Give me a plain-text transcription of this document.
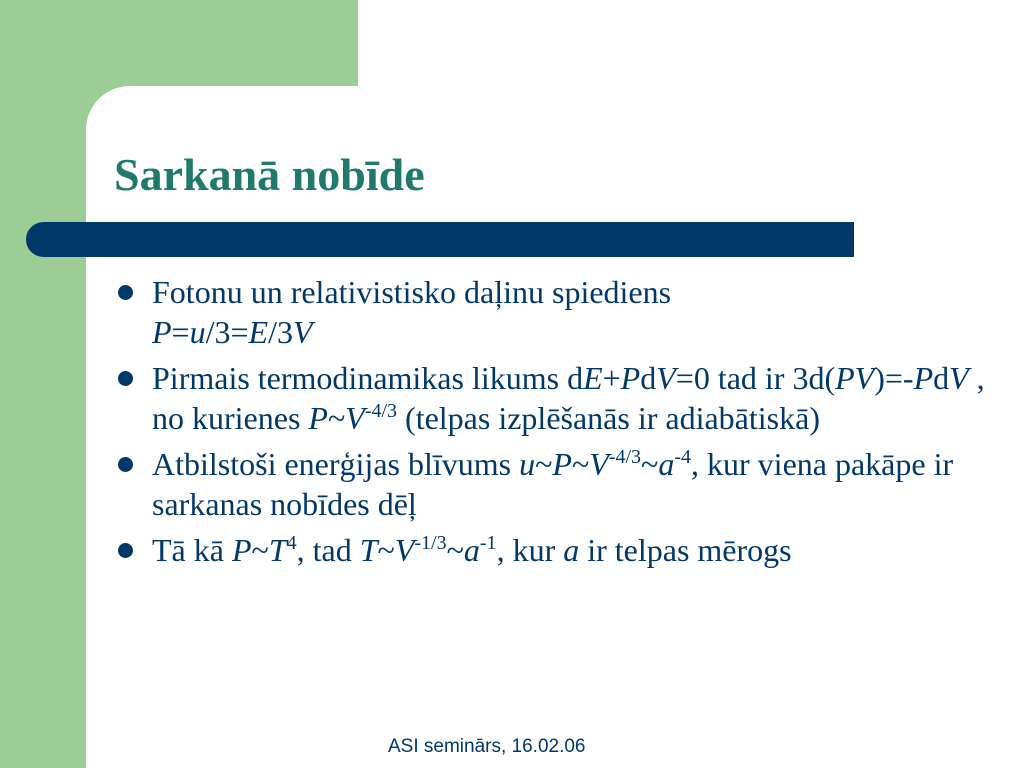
Sarkanā nobīde
Fotonu un relativistisko daļinu spiediens
P=u/3=E/3V
Pirmais termodinamikas likums dE+PdV=0 tad ir 3d(PV)=-PdV , no kurienes $P\sim V^{-4/3}$ (telpas izplēšanās ir adiabātiskā)
Atbilstoši enerģijas blīvums $u\sim P\sim V^{-4/3}\sim a^{-4}$, kur viena pakāpe ir sarkanas nobīdes dēļ
Tā kā $P\sim T^4$, tad $T\sim V^{-1/3}\sim a^{-1}$, kur a ir telpas mērogs
ASI seminārs, 16.02.06
